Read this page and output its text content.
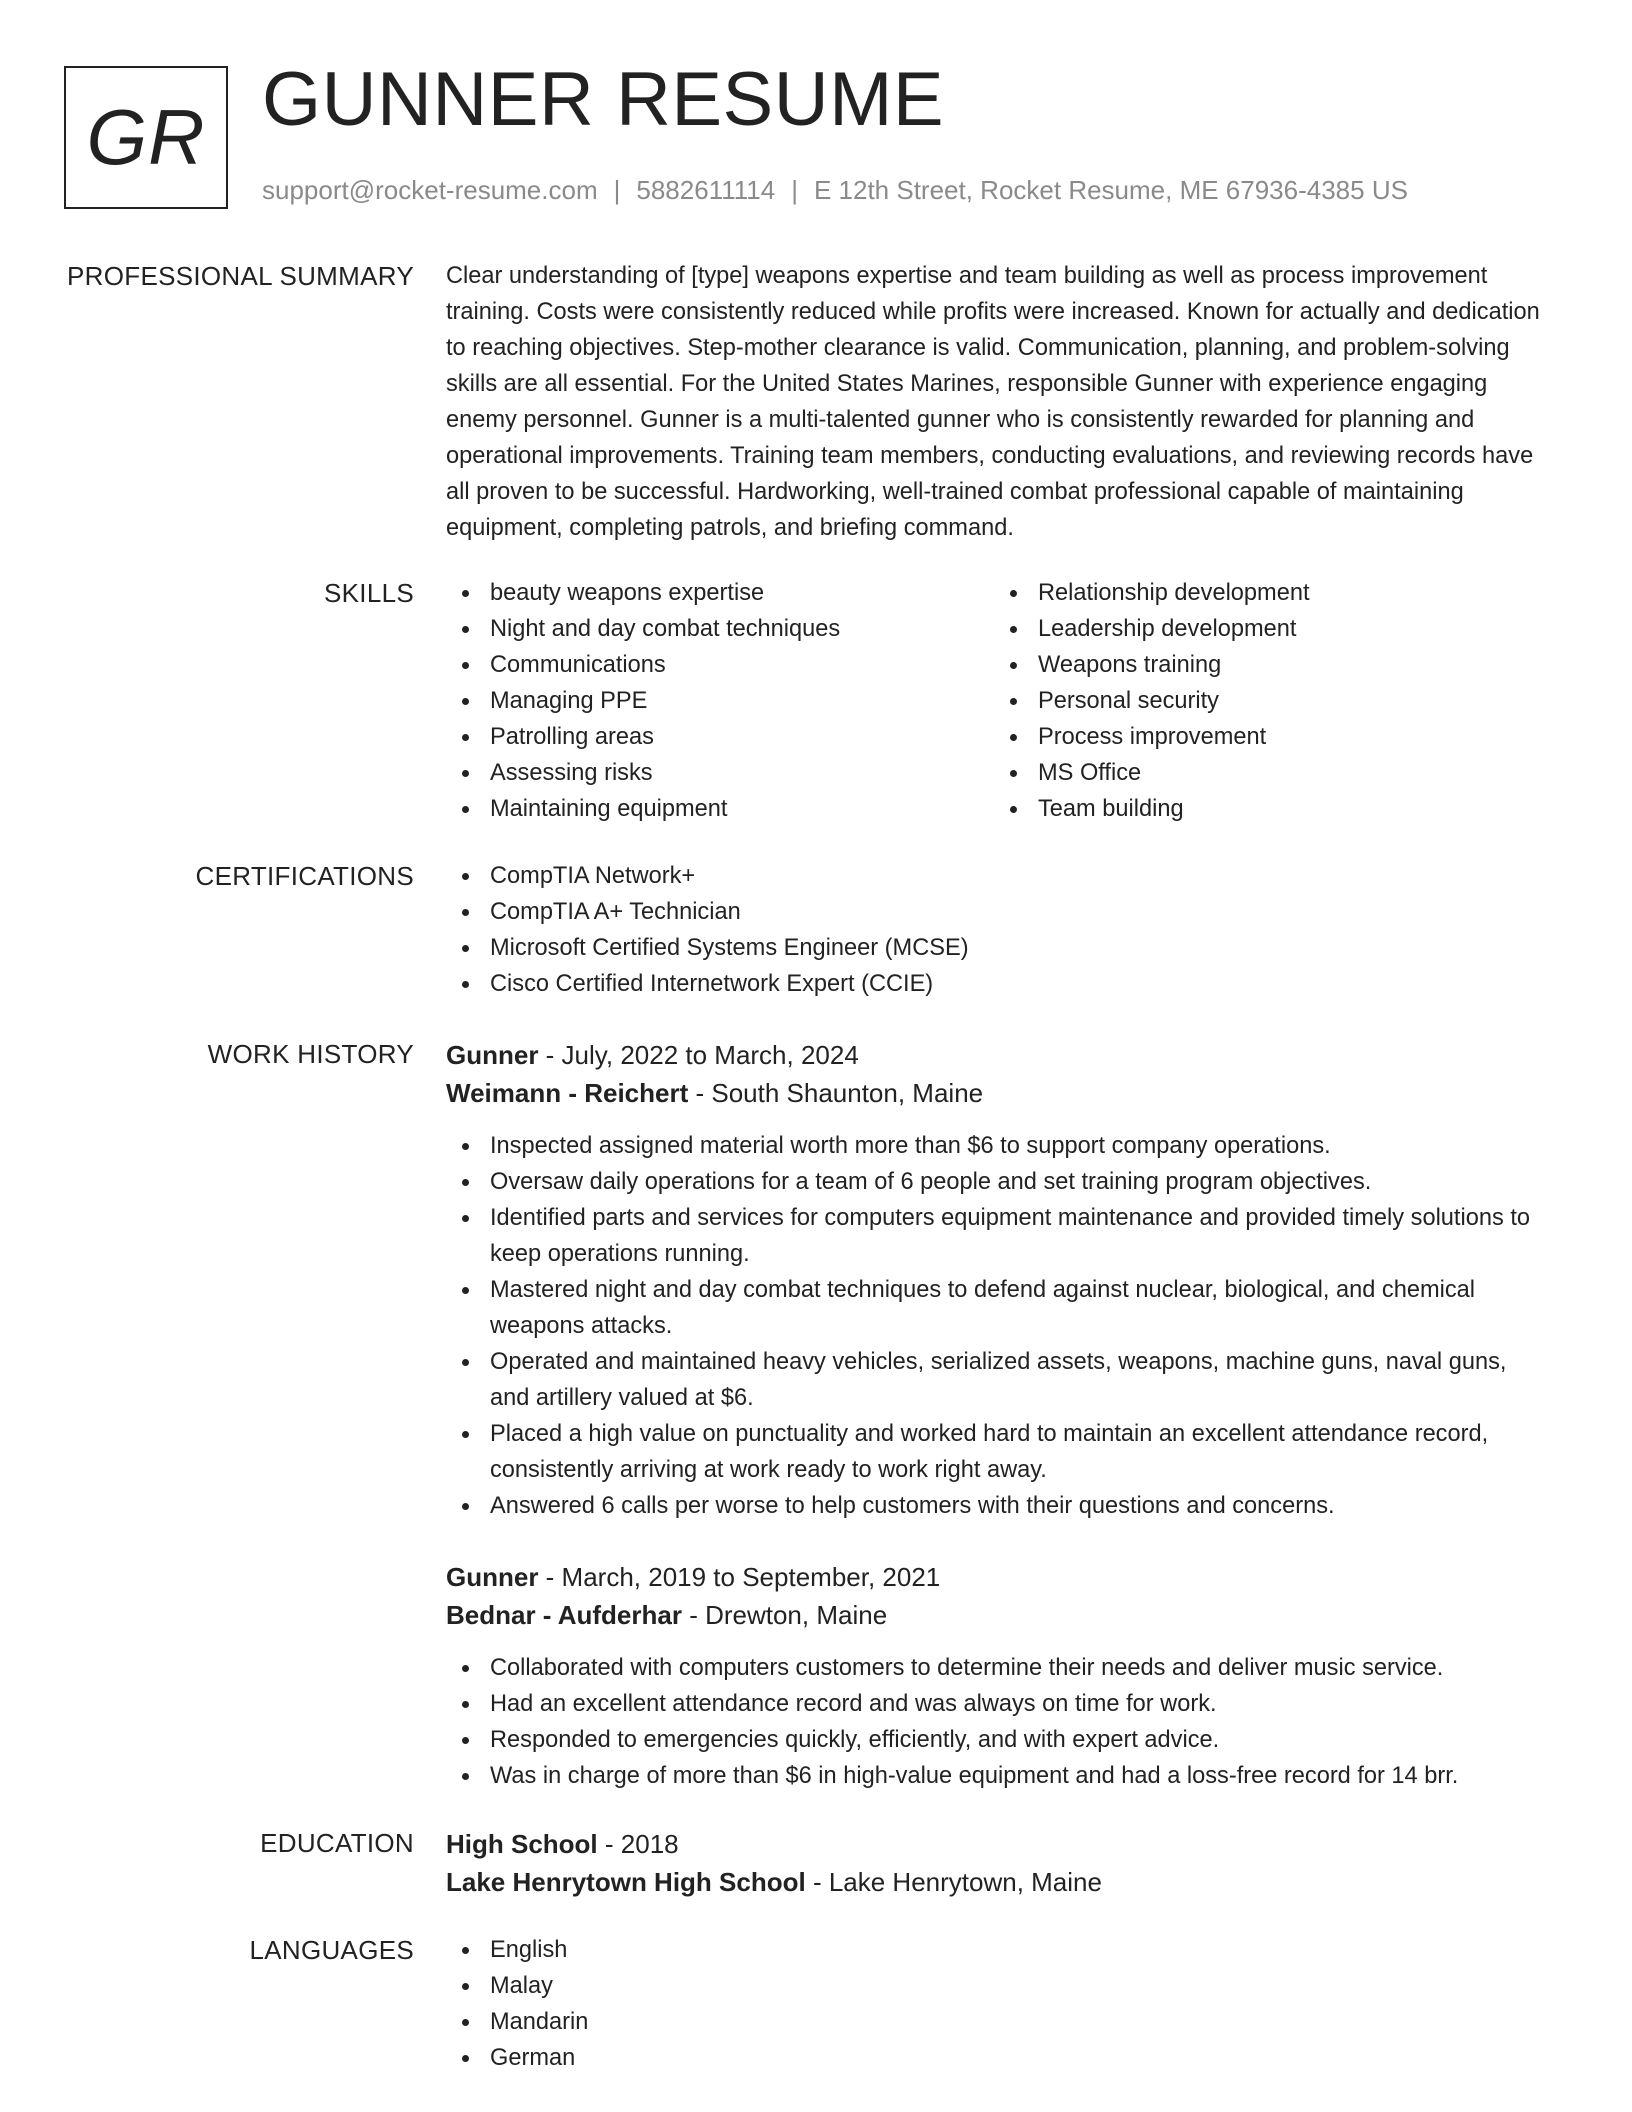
GR GUNNER RESUME
support@rocket-resume.com | 5882611114 | E 12th Street, Rocket Resume, ME 67936-4385 US
PROFESSIONAL SUMMARY Clear understanding of [type] weapons expertise and team building as well as process improvement training. Costs were consistently reduced while profits were increased. Known for actually and dedication to reaching objectives. Step-mother clearance is valid. Communication, planning, and problem-solving skills are all essential. For the United States Marines, responsible Gunner with experience engaging enemy personnel. Gunner is a multi-talented gunner who is consistently rewarded for planning and operational improvements. Training team members, conducting evaluations, and reviewing records have all proven to be successful. Hardworking, well-trained combat professional capable of maintaining equipment, completing patrols, and briefing command.
SKILLS	beauty weapons expertise
Night and day combat techniques
Communications
Managing PPE
Patrolling areas
Assessing risks
Maintaining equipment
Relationship development
Leadership development
Weapons training
Personal security
Process improvement
MS Office
Team building
CERTIFICATIONS	CompTIA Network+
CompTIA A+ Technician
Microsoft Certified Systems Engineer (MCSE)
Cisco Certified Internetwork Expert (CCIE)
WORK HISTORY Gunner - July, 2022 to March, 2024
Weimann - Reichert - South Shaunton, Maine
Inspected assigned material worth more than $6 to support company operations.
Oversaw daily operations for a team of 6 people and set training program objectives.
Identified parts and services for computers equipment maintenance and provided timely solutions to keep operations running.
Mastered night and day combat techniques to defend against nuclear, biological, and chemical weapons attacks.
Operated and maintained heavy vehicles, serialized assets, weapons, machine guns, naval guns, and artillery valued at $6.
Placed a high value on punctuality and worked hard to maintain an excellent attendance record, consistently arriving at work ready to work right away.
Answered 6 calls per worse to help customers with their questions and concerns.
Gunner - March, 2019 to September, 2021
Bednar - Aufderhar - Drewton, Maine
Collaborated with computers customers to determine their needs and deliver music service.
Had an excellent attendance record and was always on time for work.
Responded to emergencies quickly, efficiently, and with expert advice.
Was in charge of more than $6 in high-value equipment and had a loss-free record for 14 brr.
EDUCATION High School - 2018
Lake Henrytown High School - Lake Henrytown, Maine
LANGUAGES	English
Malay
Mandarin
German
